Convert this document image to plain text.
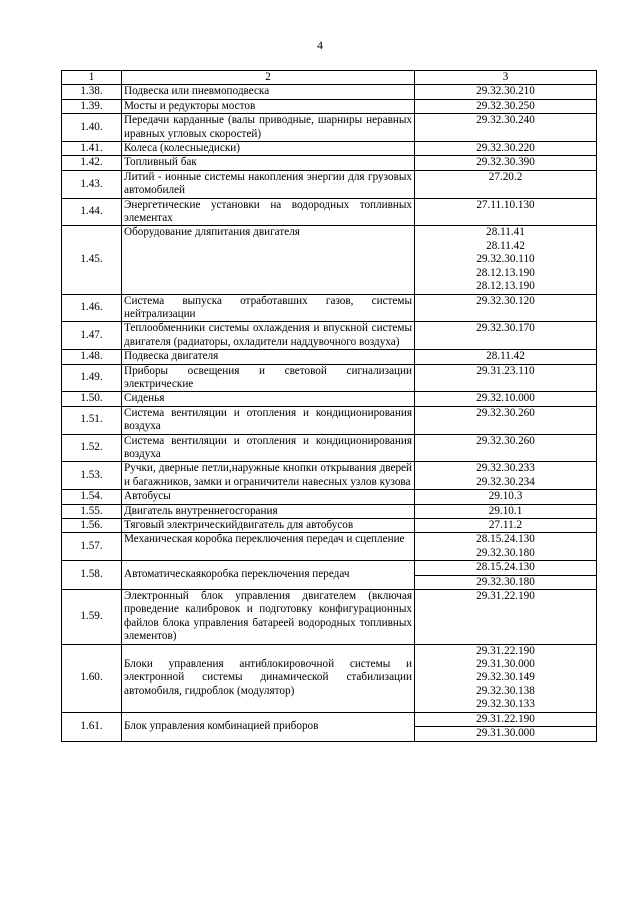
4
1	2	3
1.38.	Подвеска или пневмоподвеска	29.32.30.210

1.39.	Мосты и редукторы мостов	29.32.30.250

1.40.	Передачи карданные (валы приводные, шарниры неравных иравных угловых скоростей)	29.32.30.240

1.41.	Колеса (колесныедиски)	29.32.30.220

1.42.	Топливный бак	29.32.30.390

1.43.	Литий - ионные системы накопления энергии для грузовых автомобилей	27.20.2

1.44.	Энергетические установки на водородных топливных элементах	27.11.10.130

1.45.	Оборудование дляпитания двигателя	28.11.41
28.11.42
29.32.30.110
28.12.13.190
28.12.13.190

1.46.	Система выпуска отработавших газов, системы нейтрализации	29.32.30.120

1.47.	Теплообменники системы охлаждения и впускной системы двигателя (радиаторы, охладители наддувочного воздуха)	29.32.30.170

1.48.	Подвеска двигателя	28.11.42

1.49.	Приборы освещения и световой сигнализации электрические	29.31.23.110

1.50.	Сиденья	29.32.10.000

1.51.	Система вентиляции и отопления и кондиционирования воздуха	29.32.30.260

1.52.	Система вентиляции и отопления и кондиционирования воздуха	29.32.30.260

1.53.	Ручки, дверные петли,наружные кнопки открывания дверей и багажников, замки и ограничители навесных узлов кузова	29.32.30.233
29.32.30.234

1.54.	Автобусы	29.10.3

1.55.	Двигатель внутреннегосгорания	29.10.1

1.56.	Тяговый электрическийдвигатель для автобусов	27.11.2

1.57.	Механическая коробка переключения передач и сцепление	28.15.24.130
29.32.30.180

1.58.	Автоматическаякоробка переключения передач	28.15.24.130
29.32.30.180

1.59.	Электронный блок управления двигателем (включая проведение калибровок и подготовку конфигурационных файлов блока управления батареей водородных топливных элементов)	29.31.22.190

1.60.	Блоки управления антиблокировочной системы и электронной системы динамической стабилизации автомобиля, гидроблок (модулятор)	29.31.22.190
29.31.30.000
29.32.30.149
29.32.30.138
29.32.30.133

1.61.	Блок управления комбинацией приборов	29.31.22.190
29.31.30.000
